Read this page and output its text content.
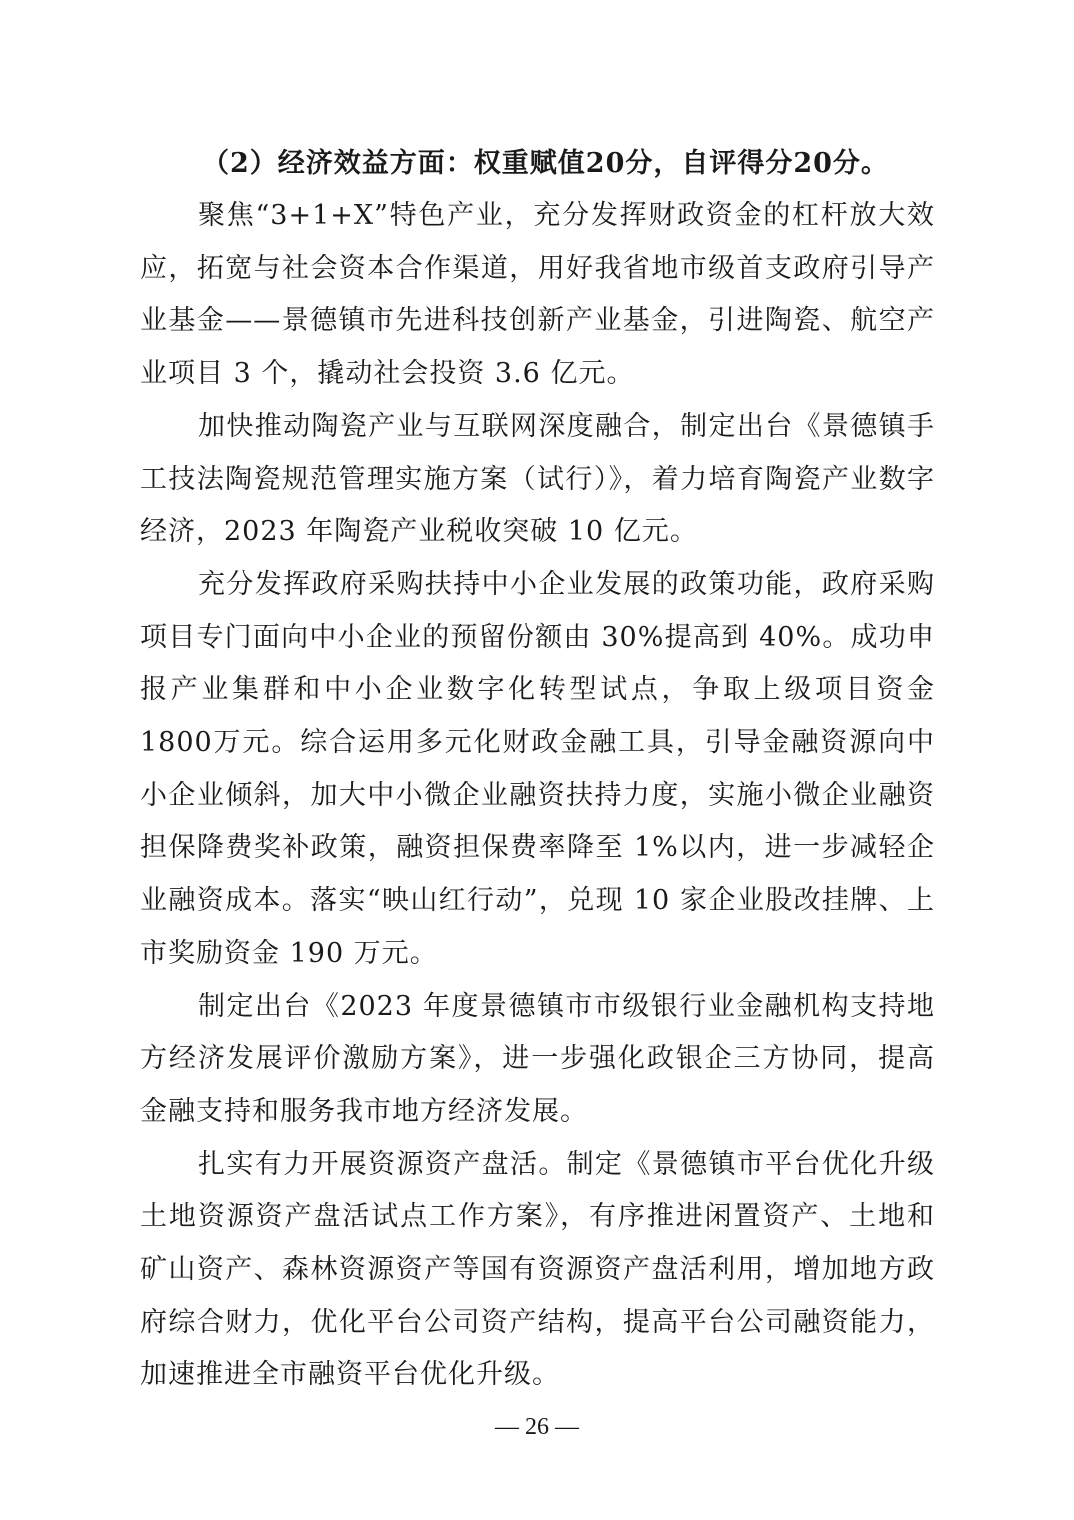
（2）经济效益方面：权重赋值20分，自评得分20分。

聚焦“3+1+X”特色产业，充分发挥财政资金的杠杆放大效应，拓宽与社会资本合作渠道，用好我省地市级首支政府引导产业基金——景德镇市先进科技创新产业基金，引进陶瓷、航空产业项目 3 个，撬动社会投资 3.6 亿元。

加快推动陶瓷产业与互联网深度融合，制定出台《景德镇手工技法陶瓷规范管理实施方案（试行）》，着力培育陶瓷产业数字经济，2023 年陶瓷产业税收突破 10 亿元。

充分发挥政府采购扶持中小企业发展的政策功能，政府采购项目专门面向中小企业的预留份额由 30%提高到 40%。成功申报产业集群和中小企业数字化转型试点，争取上级项目资金 1800万元。综合运用多元化财政金融工具，引导金融资源向中小企业倾斜，加大中小微企业融资扶持力度，实施小微企业融资担保降费奖补政策，融资担保费率降至 1%以内，进一步减轻企业融资成本。落实“映山红行动”，兑现 10 家企业股改挂牌、上市奖励资金 190 万元。

制定出台《2023 年度景德镇市市级银行业金融机构支持地方经济发展评价激励方案》，进一步强化政银企三方协同，提高金融支持和服务我市地方经济发展。

扎实有力开展资源资产盘活。制定《景德镇市平台优化升级土地资源资产盘活试点工作方案》，有序推进闲置资产、土地和矿山资产、森林资源资产等国有资源资产盘活利用，增加地方政府综合财力，优化平台公司资产结构，提高平台公司融资能力，加速推进全市融资平台优化升级。

— 26 —
